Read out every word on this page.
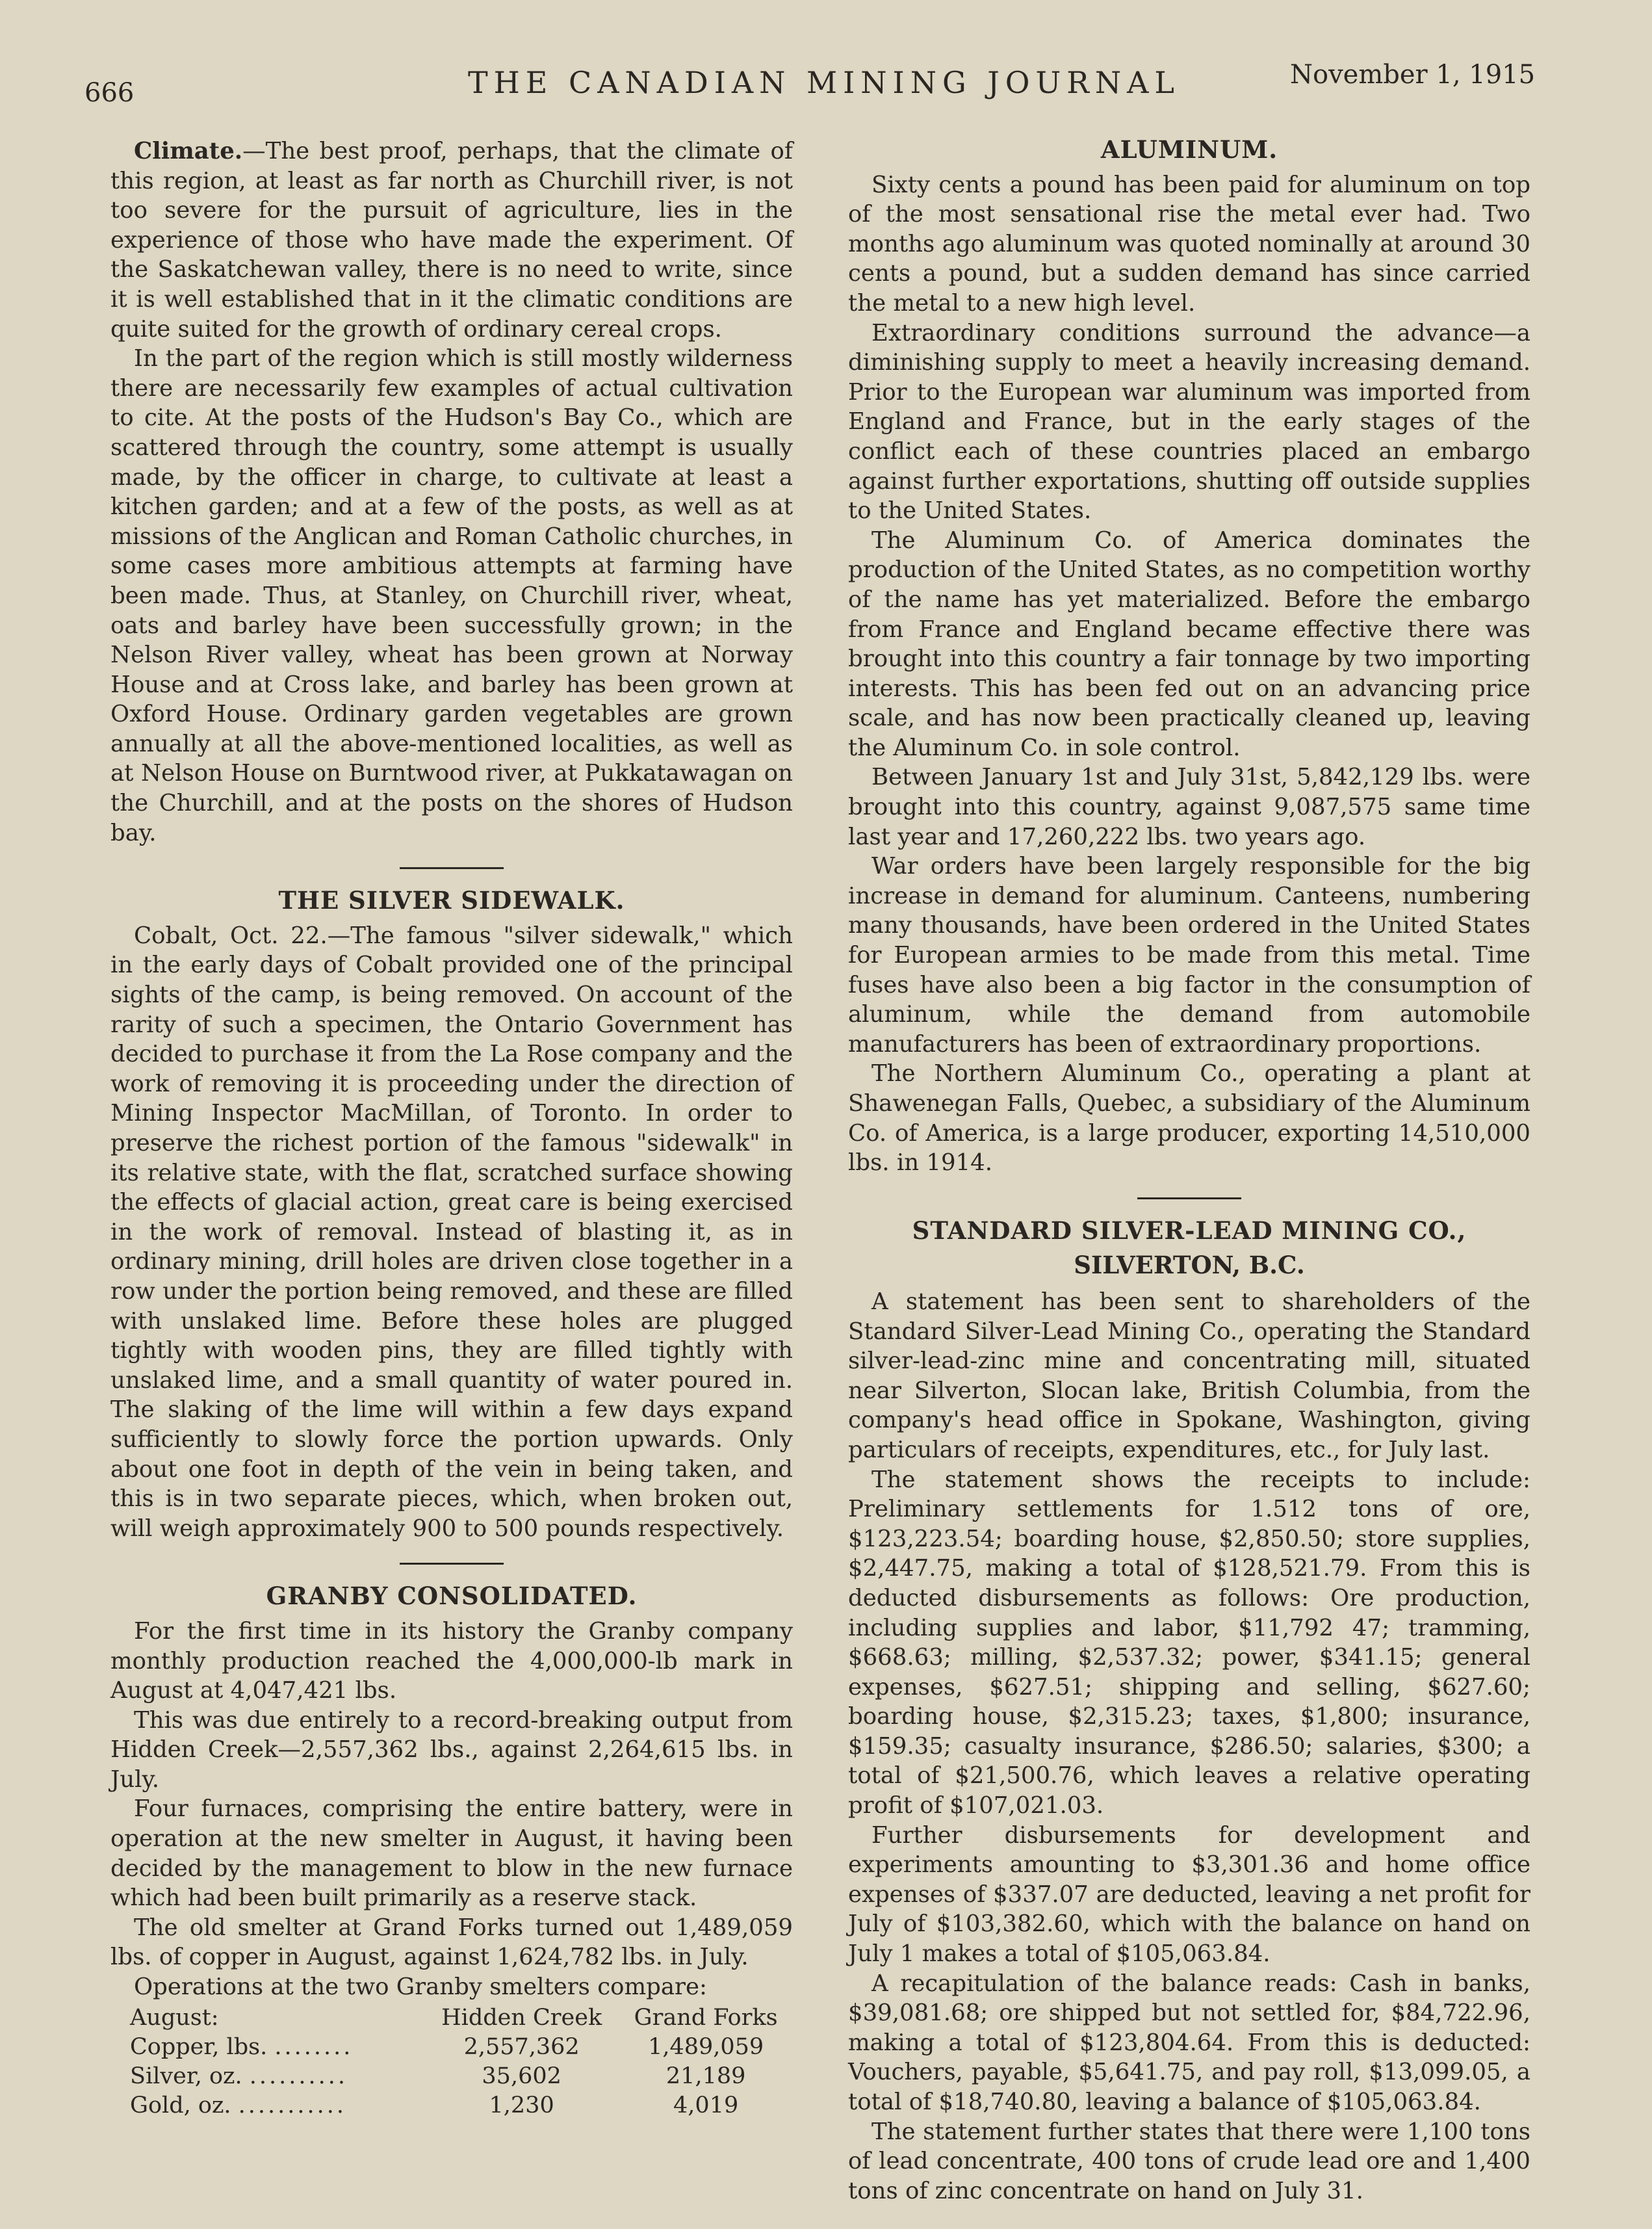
666	THE CANADIAN MINING JOURNAL	November 1, 1915

Climate.—The best proof, perhaps, that the climate of this region, at least as far north as Churchill river, is not too severe for the pursuit of agriculture, lies in the experience of those who have made the experiment. Of the Saskatchewan valley, there is no need to write, since it is well established that in it the climatic conditions are quite suited for the growth of ordinary cereal crops.

In the part of the region which is still mostly wilderness there are necessarily few examples of actual cultivation to cite. At the posts of the Hudson's Bay Co., which are scattered through the country, some attempt is usually made, by the officer in charge, to cultivate at least a kitchen garden; and at a few of the posts, as well as at missions of the Anglican and Roman Catholic churches, in some cases more ambitious attempts at farming have been made. Thus, at Stanley, on Churchill river, wheat, oats and barley have been successfully grown; in the Nelson River valley, wheat has been grown at Norway House and at Cross lake, and barley has been grown at Oxford House. Ordinary garden vegetables are grown annually at all the above-mentioned localities, as well as at Nelson House on Burntwood river, at Pukkatawagan on the Churchill, and at the posts on the shores of Hudson bay.

THE SILVER SIDEWALK.

Cobalt, Oct. 22.—The famous "silver sidewalk," which in the early days of Cobalt provided one of the principal sights of the camp, is being removed. On account of the rarity of such a specimen, the Ontario Government has decided to purchase it from the La Rose company and the work of removing it is proceeding under the direction of Mining Inspector MacMillan, of Toronto. In order to preserve the richest portion of the famous "sidewalk" in its relative state, with the flat, scratched surface showing the effects of glacial action, great care is being exercised in the work of removal. Instead of blasting it, as in ordinary mining, drill holes are driven close together in a row under the portion being removed, and these are filled with unslaked lime. Before these holes are plugged tightly with wooden pins, they are filled tightly with unslaked lime, and a small quantity of water poured in. The slaking of the lime will within a few days expand sufficiently to slowly force the portion upwards. Only about one foot in depth of the vein in being taken, and this is in two separate pieces, which, when broken out, will weigh approximately 900 to 500 pounds respectively.

GRANBY CONSOLIDATED.

For the first time in its history the Granby company monthly production reached the 4,000,000-lb mark in August at 4,047,421 lbs.

This was due entirely to a record-breaking output from Hidden Creek—2,557,362 lbs., against 2,264,615 lbs. in July.

Four furnaces, comprising the entire battery, were in operation at the new smelter in August, it having been decided by the management to blow in the new furnace which had been built primarily as a reserve stack.

The old smelter at Grand Forks turned out 1,489,059 lbs. of copper in August, against 1,624,782 lbs. in July.

Operations at the two Granby smelters compare:

August:	Hidden Creek	Grand Forks
Copper, lbs. ........	2,557,362	1,489,059
Silver, oz. ..........	35,602	21,189
Gold, oz. ...........	1,230	4,019
ALUMINUM.

Sixty cents a pound has been paid for aluminum on top of the most sensational rise the metal ever had. Two months ago aluminum was quoted nominally at around 30 cents a pound, but a sudden demand has since carried the metal to a new high level.

Extraordinary conditions surround the advance—a diminishing supply to meet a heavily increasing demand. Prior to the European war aluminum was imported from England and France, but in the early stages of the conflict each of these countries placed an embargo against further exportations, shutting off outside supplies to the United States.

The Aluminum Co. of America dominates the production of the United States, as no competition worthy of the name has yet materialized. Before the embargo from France and England became effective there was brought into this country a fair tonnage by two importing interests. This has been fed out on an advancing price scale, and has now been practically cleaned up, leaving the Aluminum Co. in sole control.

Between January 1st and July 31st, 5,842,129 lbs. were brought into this country, against 9,087,575 same time last year and 17,260,222 lbs. two years ago.

War orders have been largely responsible for the big increase in demand for aluminum. Canteens, numbering many thousands, have been ordered in the United States for European armies to be made from this metal. Time fuses have also been a big factor in the consumption of aluminum, while the demand from automobile manufacturers has been of extraordinary proportions.

The Northern Aluminum Co., operating a plant at Shawenegan Falls, Quebec, a subsidiary of the Aluminum Co. of America, is a large producer, exporting 14,510,000 lbs. in 1914.

STANDARD SILVER-LEAD MINING CO.,
SILVERTON, B.C.

A statement has been sent to shareholders of the Standard Silver-Lead Mining Co., operating the Standard silver-lead-zinc mine and concentrating mill, situated near Silverton, Slocan lake, British Columbia, from the company's head office in Spokane, Washington, giving particulars of receipts, expenditures, etc., for July last.

The statement shows the receipts to include: Preliminary settlements for 1.512 tons of ore, $123,223.54; boarding house, $2,850.50; store supplies, $2,447.75, making a total of $128,521.79. From this is deducted disbursements as follows: Ore production, including supplies and labor, $11,792 47; tramming, $668.63; milling, $2,537.32; power, $341.15; general expenses, $627.51; shipping and selling, $627.60; boarding house, $2,315.23; taxes, $1,800; insurance, $159.35; casualty insurance, $286.50; salaries, $300; a total of $21,500.76, which leaves a relative operating profit of $107,021.03.

Further disbursements for development and experiments amounting to $3,301.36 and home office expenses of $337.07 are deducted, leaving a net profit for July of $103,382.60, which with the balance on hand on July 1 makes a total of $105,063.84.

A recapitulation of the balance reads: Cash in banks, $39,081.68; ore shipped but not settled for, $84,722.96, making a total of $123,804.64. From this is deducted: Vouchers, payable, $5,641.75, and pay roll, $13,099.05, a total of $18,740.80, leaving a balance of $105,063.84.

The statement further states that there were 1,100 tons of lead concentrate, 400 tons of crude lead ore and 1,400 tons of zinc concentrate on hand on July 31.
